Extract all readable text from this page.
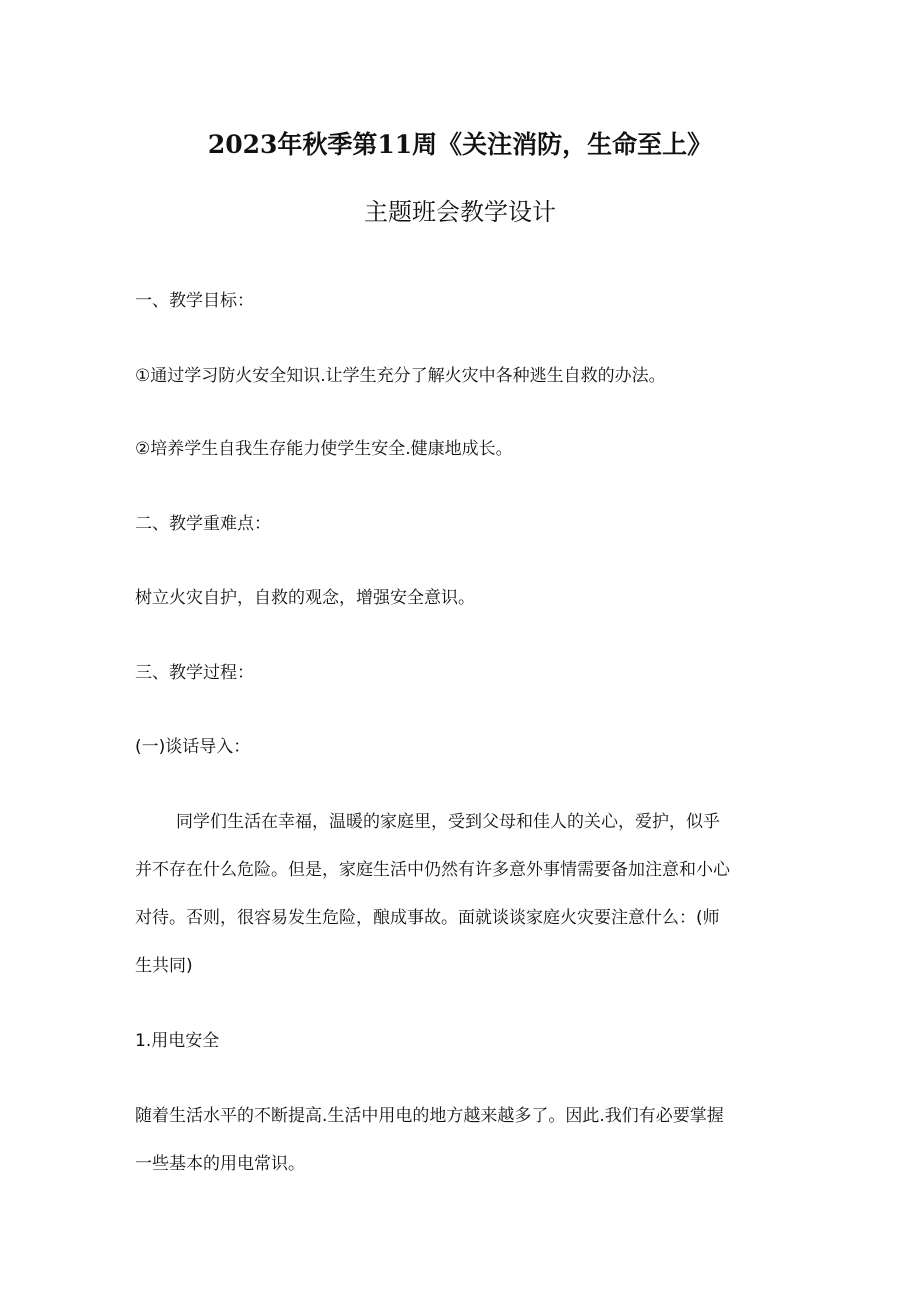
2023年秋季第11周《关注消防，生命至上》
主题班会教学设计
一、教学目标：
①通过学习防火安全知识.让学生充分了解火灾中各种逃生自救的办法。
②培养学生自我生存能力使学生安全.健康地成长。
二、教学重难点：
树立火灾自护，自救的观念，增强安全意识。
三、教学过程：
(一)谈话导入：
同学们生活在幸福，温暖的家庭里，受到父母和佳人的关心，爱护，似乎
并不存在什么危险。但是，家庭生活中仍然有许多意外事情需要备加注意和小心
对待。否则，很容易发生危险，酿成事故。面就谈谈家庭火灾要注意什么：(师
生共同)
1.用电安全
随着生活水平的不断提高.生活中用电的地方越来越多了。因此.我们有必要掌握
一些基本的用电常识。
